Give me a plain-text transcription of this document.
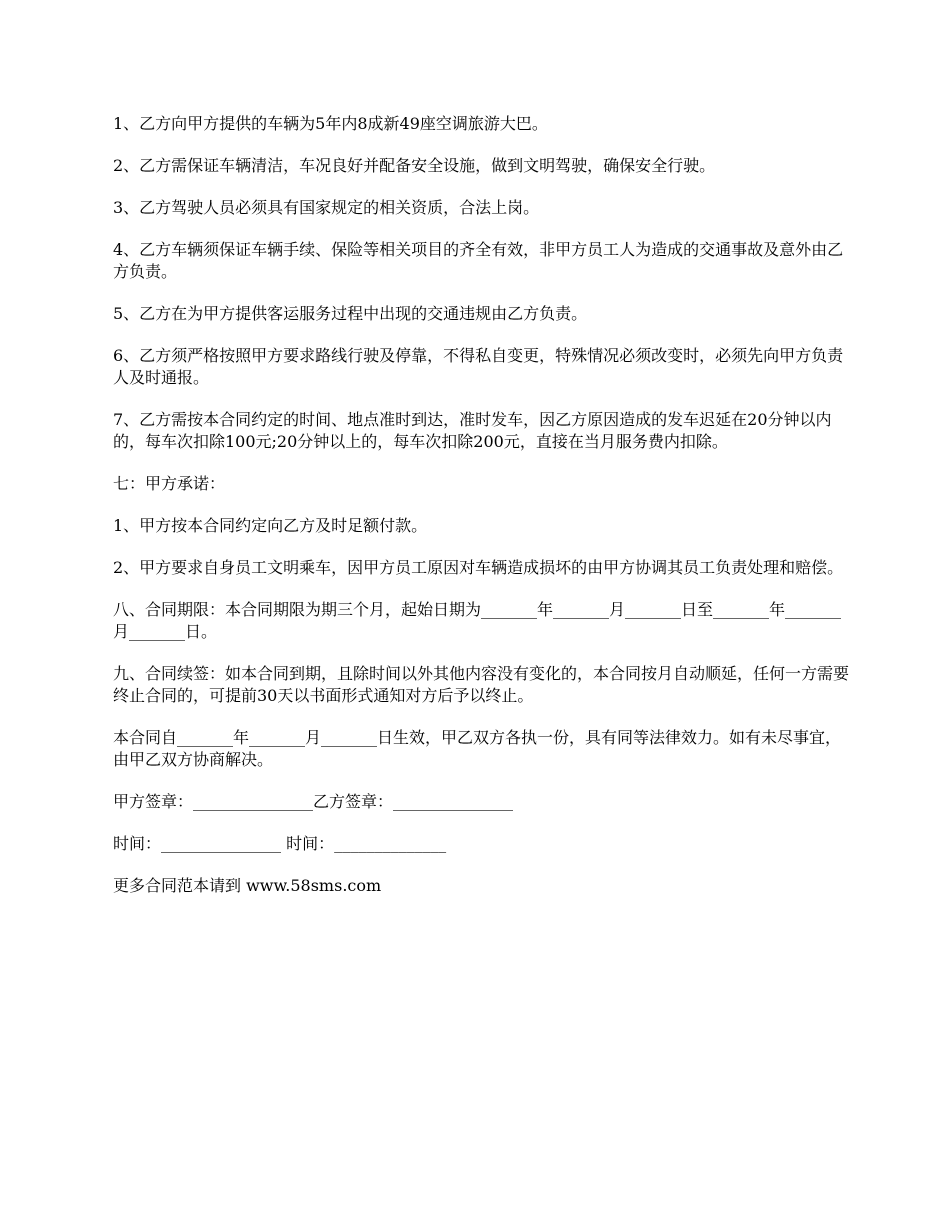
1、乙方向甲方提供的车辆为5年内8成新49座空调旅游大巴。

2、乙方需保证车辆清洁，车况良好并配备安全设施，做到文明驾驶，确保安全行驶。

3、乙方驾驶人员必须具有国家规定的相关资质，合法上岗。

4、乙方车辆须保证车辆手续、保险等相关项目的齐全有效，非甲方员工人为造成的交通事故及意外由乙方负责。

5、乙方在为甲方提供客运服务过程中出现的交通违规由乙方负责。

6、乙方须严格按照甲方要求路线行驶及停靠，不得私自变更，特殊情况必须改变时，必须先向甲方负责人及时通报。

7、乙方需按本合同约定的时间、地点准时到达，准时发车，因乙方原因造成的发车迟延在20分钟以内的，每车次扣除100元;20分钟以上的，每车次扣除200元，直接在当月服务费内扣除。

七：甲方承诺：

1、甲方按本合同约定向乙方及时足额付款。

2、甲方要求自身员工文明乘车，因甲方员工原因对车辆造成损坏的由甲方协调其员工负责处理和赔偿。

八、合同期限：本合同期限为期三个月，起始日期为_______年_______月_______日至_______年_______月_______日。

九、合同续签：如本合同到期，且除时间以外其他内容没有变化的，本合同按月自动顺延，任何一方需要终止合同的，可提前30天以书面形式通知对方后予以终止。

本合同自_______年_______月_______日生效，甲乙双方各执一份，具有同等法律效力。如有未尽事宜，由甲乙双方协商解决。

甲方签章：_______________乙方签章：_______________

时间：_______________ 时间：______________

更多合同范本请到 www.58sms.com
